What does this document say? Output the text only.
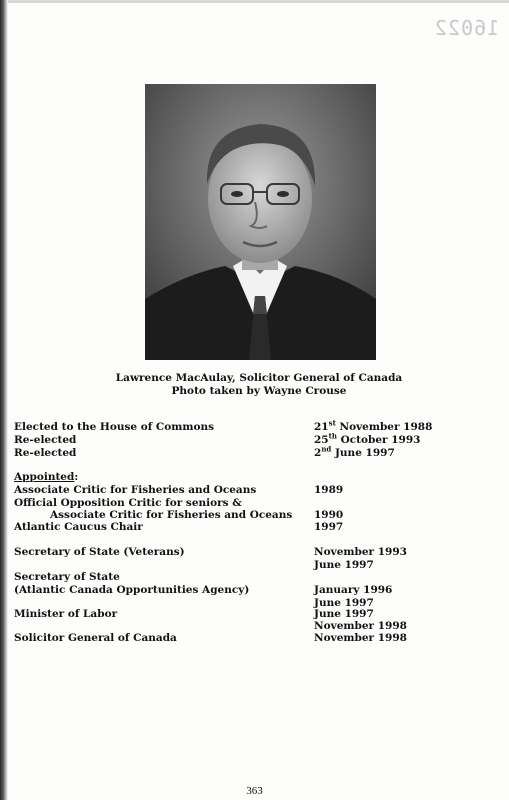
16022
Lawrence MacAulay, Solicitor General of Canada
Photo taken by Wayne Crouse
Elected to the House of Commons	21st November 1988
Re-elected	25th October 1993
Re-elected	2nd June 1997
Appointed:
Associate Critic for Fisheries and Oceans	1989
Official Opposition Critic for seniors &
Associate Critic for Fisheries and Oceans 1990
Atlantic Caucus Chair	1997
Secretary of State (Veterans)	November 1993
June 1997
Secretary of State
(Atlantic Canada Opportunities Agency)	January 1996
June 1997
Minister of Labor	June 1997
November 1998
Solicitor General of Canada	November 1998
363
